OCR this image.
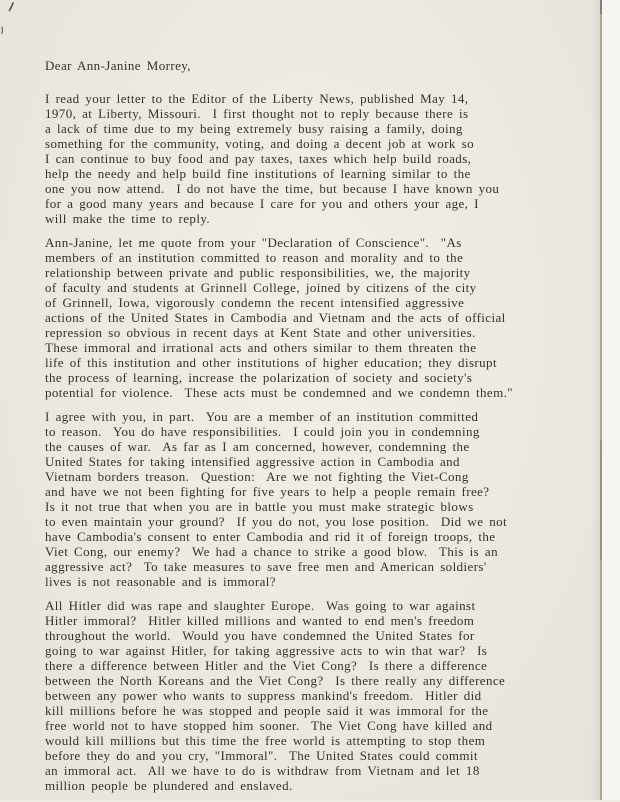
Dear Ann-Janine Morrey,

I read your letter to the Editor of the Liberty News, published May 14,
1970, at Liberty, Missouri.  I first thought not to reply because there is
a lack of time due to my being extremely busy raising a family, doing
something for the community, voting, and doing a decent job at work so
I can continue to buy food and pay taxes, taxes which help build roads,
help the needy and help build fine institutions of learning similar to the
one you now attend.  I do not have the time, but because I have known you
for a good many years and because I care for you and others your age, I
will make the time to reply.

Ann-Janine, let me quote from your "Declaration of Conscience".  "As
members of an institution committed to reason and morality and to the
relationship between private and public responsibilities, we, the majority
of faculty and students at Grinnell College, joined by citizens of the city
of Grinnell, Iowa, vigorously condemn the recent intensified aggressive
actions of the United States in Cambodia and Vietnam and the acts of official
repression so obvious in recent days at Kent State and other universities.
These immoral and irrational acts and others similar to them threaten the
life of this institution and other institutions of higher education; they disrupt
the process of learning, increase the polarization of society and society's
potential for violence.  These acts must be condemned and we condemn them."

I agree with you, in part.  You are a member of an institution committed
to reason.  You do have responsibilities.  I could join you in condemning
the causes of war.  As far as I am concerned, however, condemning the
United States for taking intensified aggressive action in Cambodia and
Vietnam borders treason.  Question:  Are we not fighting the Viet-Cong
and have we not been fighting for five years to help a people remain free?
Is it not true that when you are in battle you must make strategic blows
to even maintain your ground?  If you do not, you lose position.  Did we not
have Cambodia's consent to enter Cambodia and rid it of foreign troops, the
Viet Cong, our enemy?  We had a chance to strike a good blow.  This is an
aggressive act?  To take measures to save free men and American soldiers'
lives is not reasonable and is immoral?

All Hitler did was rape and slaughter Europe.  Was going to war against
Hitler immoral?  Hitler killed millions and wanted to end men's freedom
throughout the world.  Would you have condemned the United States for
going to war against Hitler, for taking aggressive acts to win that war?  Is
there a difference between Hitler and the Viet Cong?  Is there a difference
between the North Koreans and the Viet Cong?  Is there really any difference
between any power who wants to suppress mankind's freedom.  Hitler did
kill millions before he was stopped and people said it was immoral for the
free world not to have stopped him sooner.  The Viet Cong have killed and
would kill millions but this time the free world is attempting to stop them
before they do and you cry, "Immoral".  The United States could commit
an immoral act.  All we have to do is withdraw from Vietnam and let 18
million people be plundered and enslaved.
